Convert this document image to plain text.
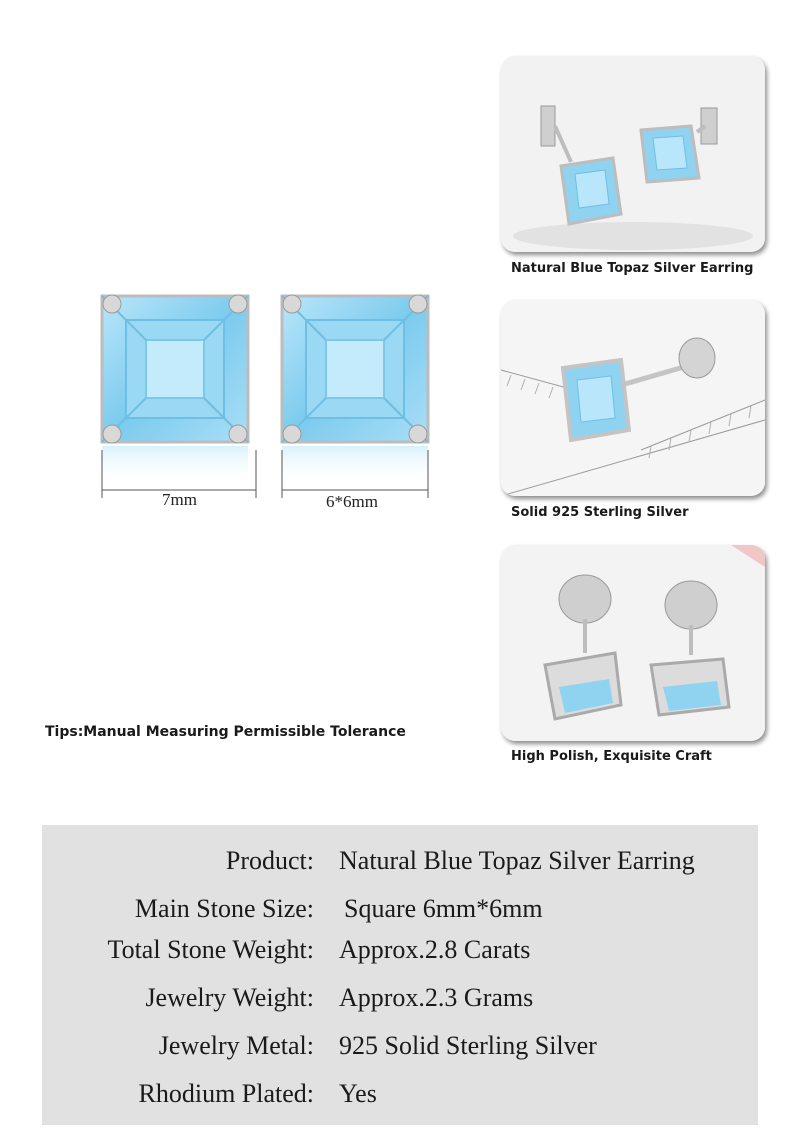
7mm	6*6mm
Tips:Manual Measuring Permissible Tolerance
Natural Blue Topaz Silver Earring
Solid 925 Sterling Silver
High Polish, Exquisite Craft
Product: Natural Blue Topaz Silver Earring
Main Stone Size: Square 6mm*6mm
Total Stone Weight: Approx.2.8 Carats
Jewelry Weight: Approx.2.3 Grams
Jewelry Metal: 925 Solid Sterling Silver
Rhodium Plated: Yes
